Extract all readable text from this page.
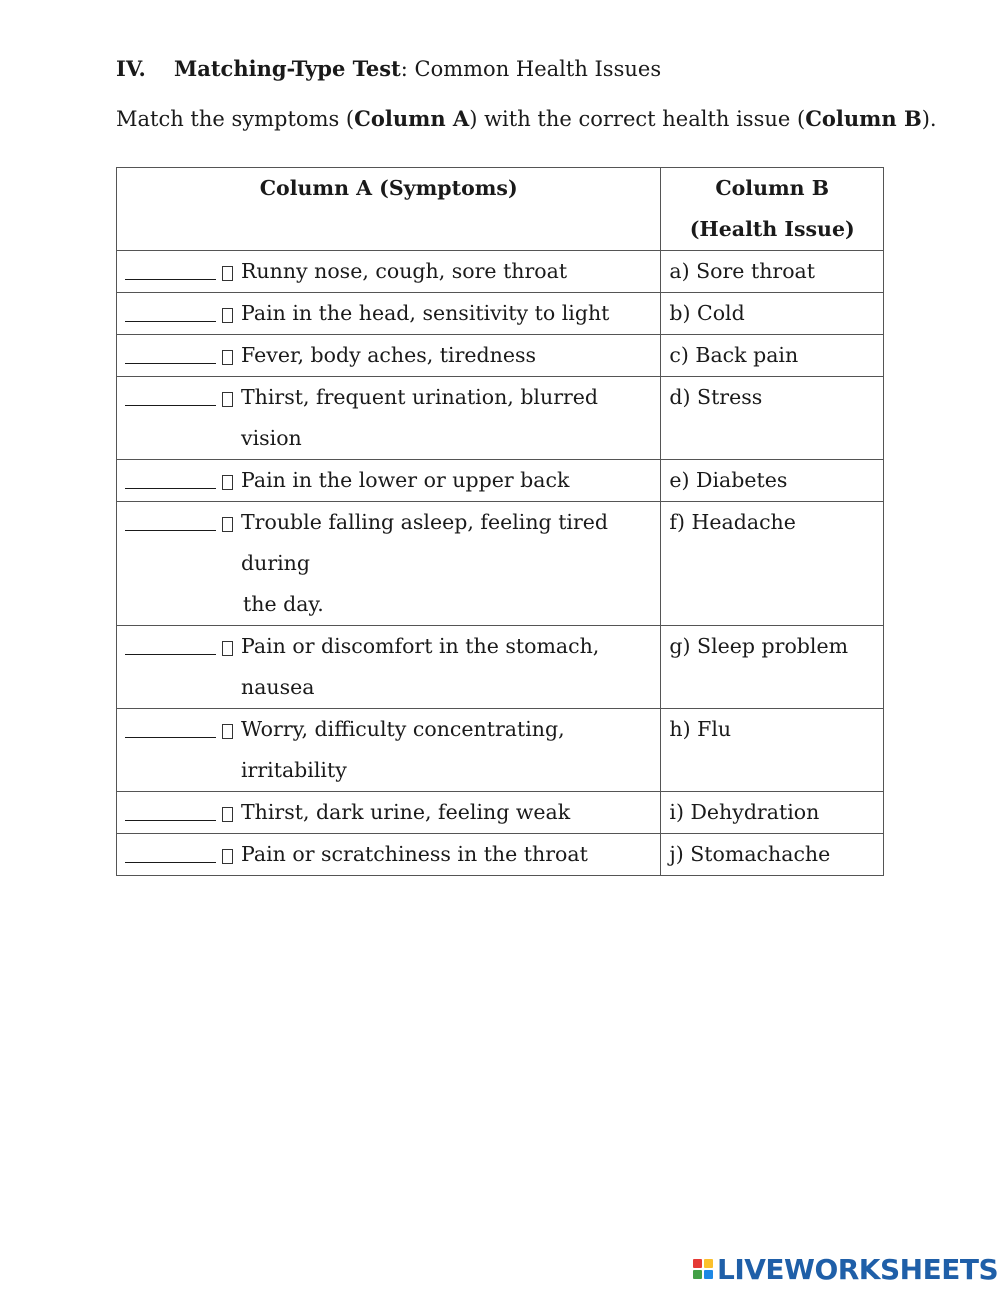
IV. Matching-Type Test: Common Health Issues
Match the symptoms (Column A) with the correct health issue (Column B).
Column A (Symptoms)	Column B (Health Issue)

Runny nose, cough, sore throat	a) Sore throat

Pain in the head, sensitivity to light	b) Cold

Fever, body aches, tiredness	c) Back pain

Thirst, frequent urination, blurred vision	d) Stress

Pain in the lower or upper back	e) Diabetes

Trouble falling asleep, feeling tired during
the day.	f) Headache

Pain or discomfort in the stomach, nausea	g) Sleep problem

Worry, difficulty concentrating, irritability	h) Flu

Thirst, dark urine, feeling weak	i) Dehydration

Pain or scratchiness in the throat	j) Stomachache
LIVEWORKSHEETS
